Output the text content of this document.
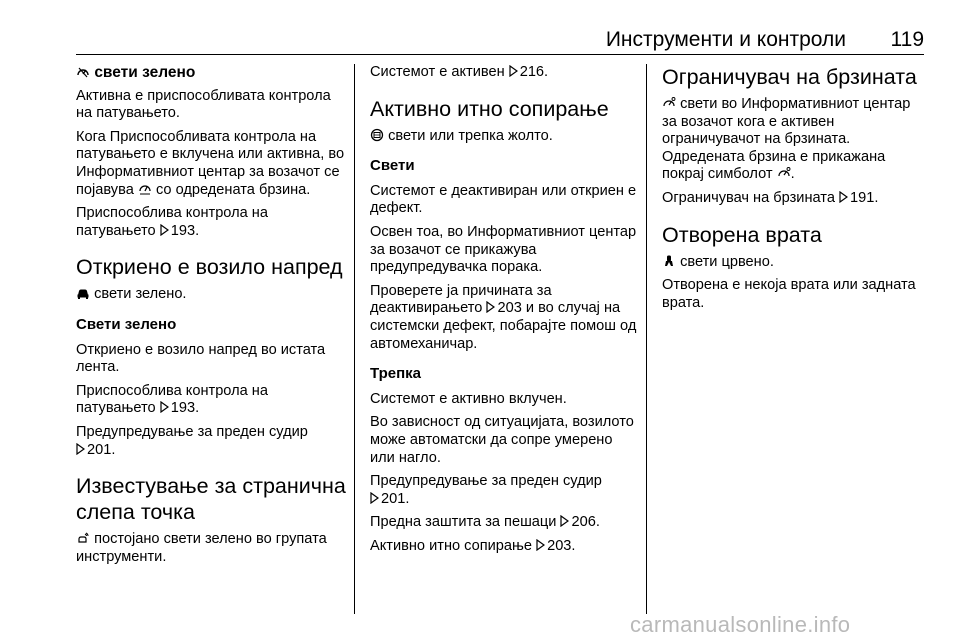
Инструменти и контроли 119
свети зелено

Активна е приспособливата контрола на патувањето.

Кога Приспособливата контрола на патувањето е вклучена или активна, во Информативниот центар за возачот се појавува со одредената брзина.

Приспособлива контрола на патувањето 193.

Откриено е возило напред

свети зелено.

Свети зелено

Откриено е возило напред во истата лента.

Приспособлива контрола на патувањето 193.

Предупредување за преден судир

201.

Известување за странична слепа точка

постојано свети зелено во групата инструменти.

Системот е активен 216.

Активно итно сопирање

свети или трепка жолто.

Свети

Системот е деактивиран или откриен е дефект.

Освен тоа, во Информативниот центар за возачот се прикажува предупредувачка порака.

Проверете ја причината за деактивирањето 203 и во случај на системски дефект, побарајте помош од автомеханичар.

Трепка

Системот е активно вклучен.

Во зависност од ситуацијата, возилото може автоматски да сопре умерено или нагло.

Предупредување за преден судир

201.

Предна заштита за пешаци 206.

Активно итно сопирање 203.

Ограничувач на брзината

свети во Информативниот центар за возачот кога е активен ограничувачот на брзината. Одредената брзина е прикажана покрај симболот .

Ограничувач на брзината 191.

Отворена врата

свети црвено.

Отворена е некоја врата или задната врата.

carmanualsonline.info
